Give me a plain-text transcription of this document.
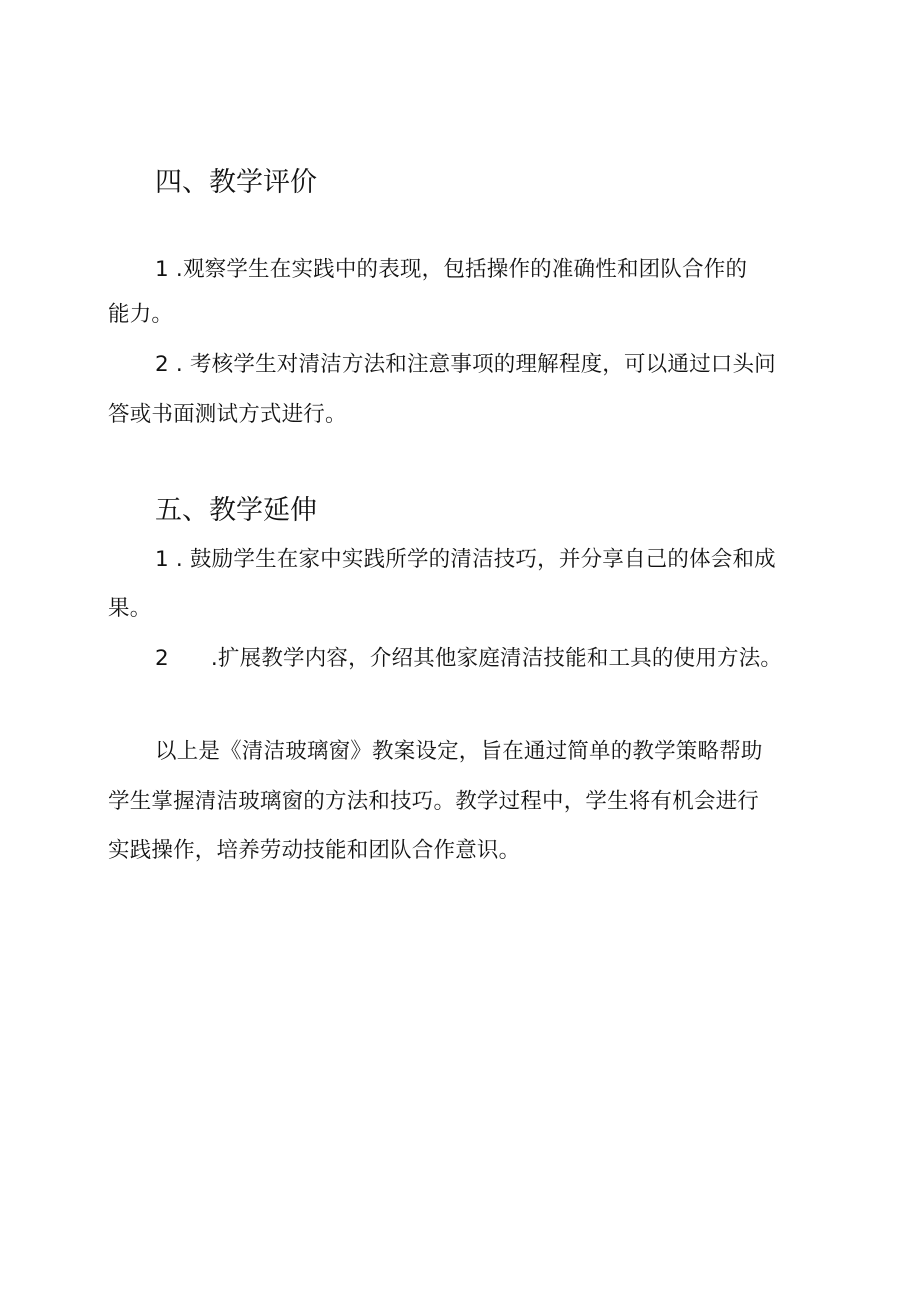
四、教学评价

1 .观察学生在实践中的表现，包括操作的准确性和团队合作的

能力。

2 . 考核学生对清洁方法和注意事项的理解程度，可以通过口头问

答或书面测试方式进行。

五、教学延伸

1 . 鼓励学生在家中实践所学的清洁技巧，并分享自己的体会和成

果。

2 .扩展教学内容，介绍其他家庭清洁技能和工具的使用方法。

以上是《清洁玻璃窗》教案设定，旨在通过简单的教学策略帮助

学生掌握清洁玻璃窗的方法和技巧。教学过程中，学生将有机会进行

实践操作，培养劳动技能和团队合作意识。
